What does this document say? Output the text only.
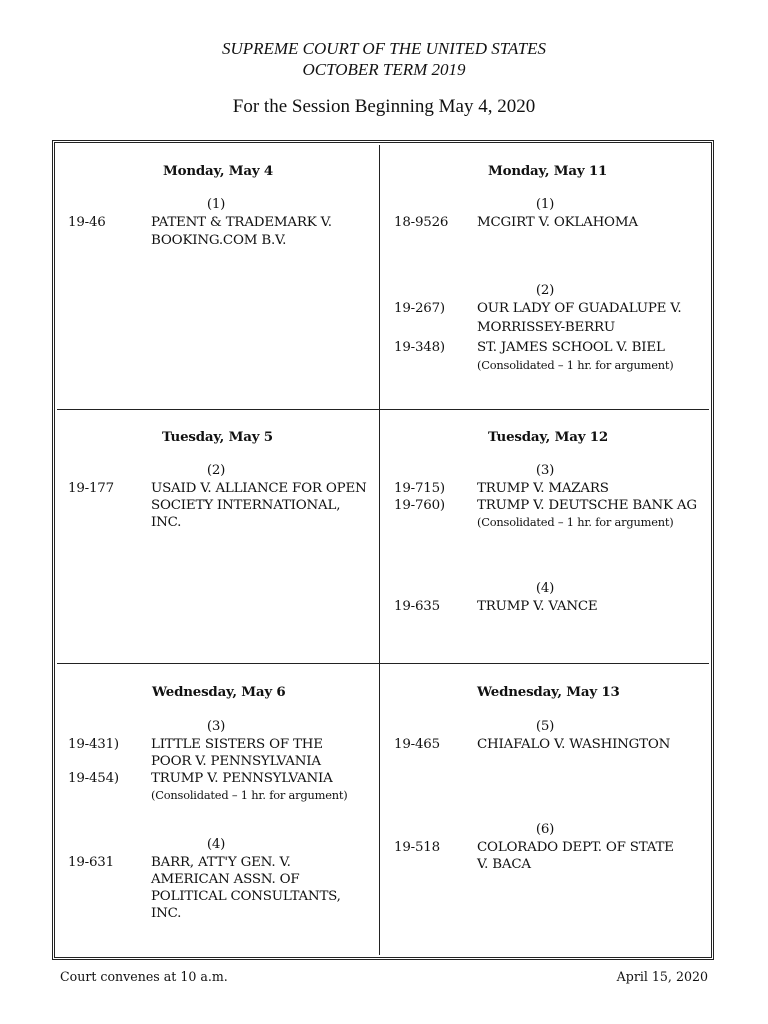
SUPREME COURT OF THE UNITED STATES
OCTOBER TERM 2019
For the Session Beginning May 4, 2020
Monday, May 4
(1)
19-46	PATENT & TRADEMARK V.
BOOKING.COM B.V.
Tuesday, May 5
(2)
19-177	USAID V. ALLIANCE FOR OPEN
SOCIETY INTERNATIONAL,
INC.
Wednesday, May 6
(3)
19-431) LITTLE SISTERS OF THE
POOR V. PENNSYLVANIA
19-454) TRUMP V. PENNSYLVANIA
(Consolidated – 1 hr. for argument)
(4)
19-631	BARR, ATT'Y GEN. V.
AMERICAN ASSN. OF
POLITICAL CONSULTANTS,
INC.
Monday, May 11
(1)
18-9526 MCGIRT V. OKLAHOMA
(2)
19-267) OUR LADY OF GUADALUPE V.
MORRISSEY-BERRU
19-348) ST. JAMES SCHOOL V. BIEL
(Consolidated – 1 hr. for argument)
Tuesday, May 12
(3)
19-715) TRUMP V. MAZARS
19-760) TRUMP V. DEUTSCHE BANK AG
(Consolidated – 1 hr. for argument)
(4)
19-635	TRUMP V. VANCE
Wednesday, May 13
(5)
19-465	CHIAFALO V. WASHINGTON
(6)
19-518	COLORADO DEPT. OF STATE
V. BACA
Court convenes at 10 a.m.	April 15, 2020
